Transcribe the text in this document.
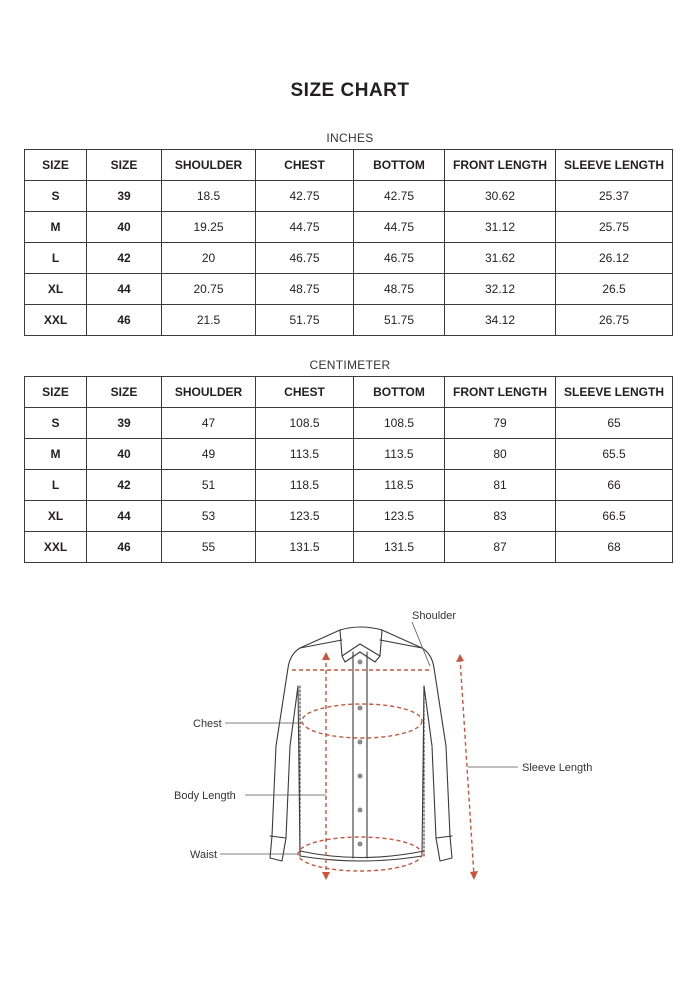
SIZE CHART
INCHES
SIZE	SIZE	SHOULDER	CHEST	BOTTOM	FRONT LENGTH	SLEEVE LENGTH
S	39	18.5	42.75	42.75	30.62	25.37
M	40	19.25	44.75	44.75	31.12	25.75
L	42	20	46.75	46.75	31.62	26.12
XL	44	20.75	48.75	48.75	32.12	26.5
XXL	46	21.5	51.75	51.75	34.12	26.75
CENTIMETER
SIZE	SIZE	SHOULDER	CHEST	BOTTOM	FRONT LENGTH	SLEEVE LENGTH
S	39	47	108.5	108.5	79	65
M	40	49	113.5	113.5	80	65.5
L	42	51	118.5	118.5	81	66
XL	44	53	123.5	123.5	83	66.5
XXL	46	55	131.5	131.5	87	68
Shoulder
Chest
Body Length
Waist
Sleeve Length
